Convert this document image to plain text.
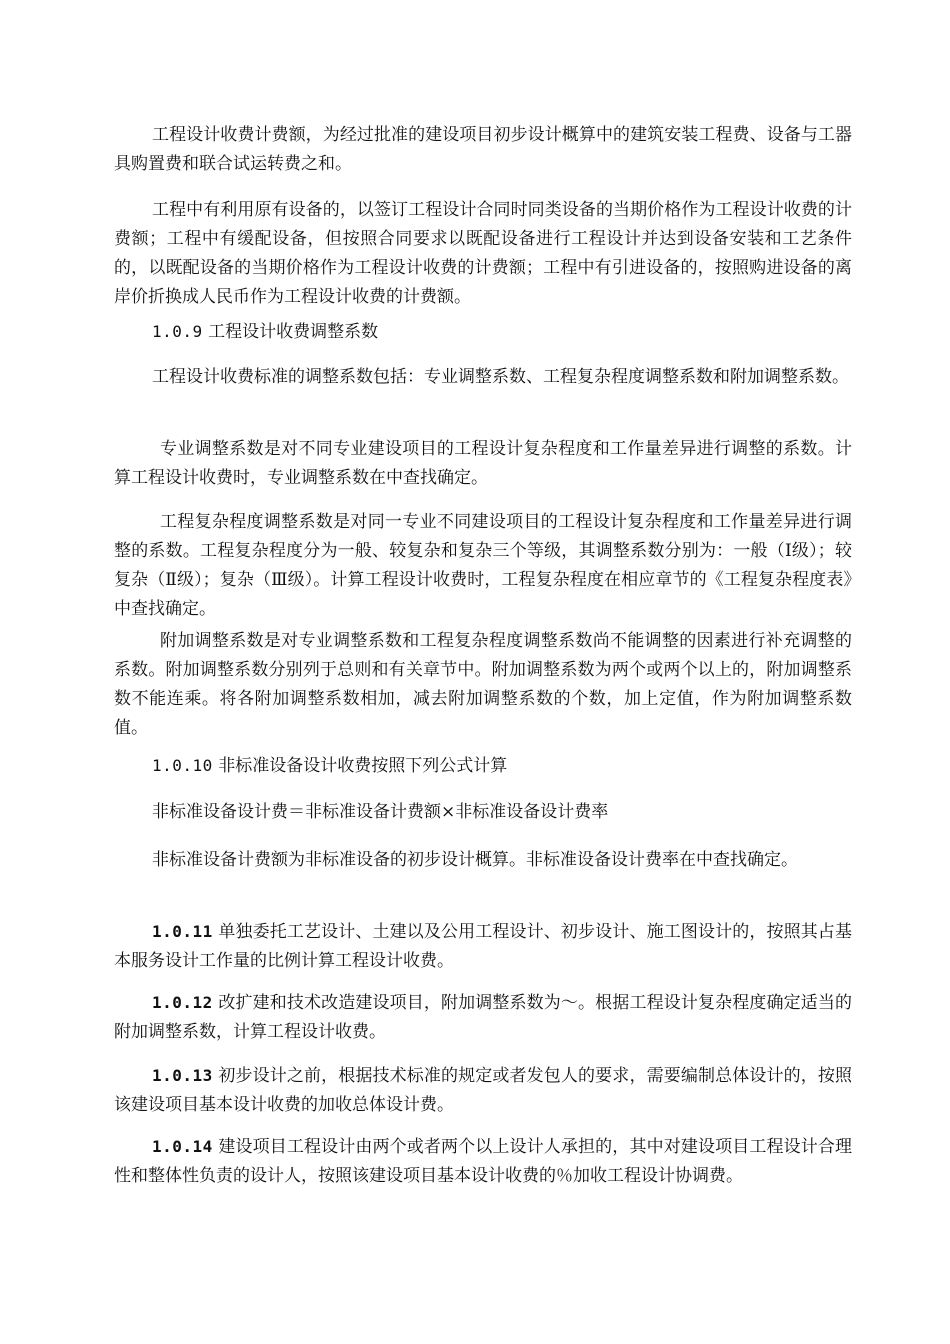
工程设计收费计费额，为经过批准的建设项目初步设计概算中的建筑安装工程费、设备与工器具购置费和联合试运转费之和。

工程中有利用原有设备的，以签订工程设计合同时同类设备的当期价格作为工程设计收费的计费额；工程中有缓配设备，但按照合同要求以既配设备进行工程设计并达到设备安装和工艺条件的，以既配设备的当期价格作为工程设计收费的计费额；工程中有引进设备的，按照购进设备的离岸价折换成人民币作为工程设计收费的计费额。

1.0.9 工程设计收费调整系数

工程设计收费标准的调整系数包括：专业调整系数、工程复杂程度调整系数和附加调整系数。

专业调整系数是对不同专业建设项目的工程设计复杂程度和工作量差异进行调整的系数。计算工程设计收费时，专业调整系数在中查找确定。

工程复杂程度调整系数是对同一专业不同建设项目的工程设计复杂程度和工作量差异进行调整的系数。工程复杂程度分为一般、较复杂和复杂三个等级，其调整系数分别为：一般（Ⅰ级）；较复杂（Ⅱ级）；复杂（Ⅲ级）。计算工程设计收费时，工程复杂程度在相应章节的《工程复杂程度表》中查找确定。

附加调整系数是对专业调整系数和工程复杂程度调整系数尚不能调整的因素进行补充调整的系数。附加调整系数分别列于总则和有关章节中。附加调整系数为两个或两个以上的，附加调整系数不能连乘。将各附加调整系数相加，减去附加调整系数的个数，加上定值，作为附加调整系数值。

1.0.10 非标准设备设计收费按照下列公式计算

非标准设备设计费＝非标准设备计费额×非标准设备设计费率

非标准设备计费额为非标准设备的初步设计概算。非标准设备设计费率在中查找确定。

1.0.11 单独委托工艺设计、土建以及公用工程设计、初步设计、施工图设计的，按照其占基本服务设计工作量的比例计算工程设计收费。

1.0.12 改扩建和技术改造建设项目，附加调整系数为～。根据工程设计复杂程度确定适当的附加调整系数，计算工程设计收费。

1.0.13 初步设计之前，根据技术标准的规定或者发包人的要求，需要编制总体设计的，按照该建设项目基本设计收费的加收总体设计费。

1.0.14 建设项目工程设计由两个或者两个以上设计人承担的，其中对建设项目工程设计合理性和整体性负责的设计人，按照该建设项目基本设计收费的％加收工程设计协调费。
